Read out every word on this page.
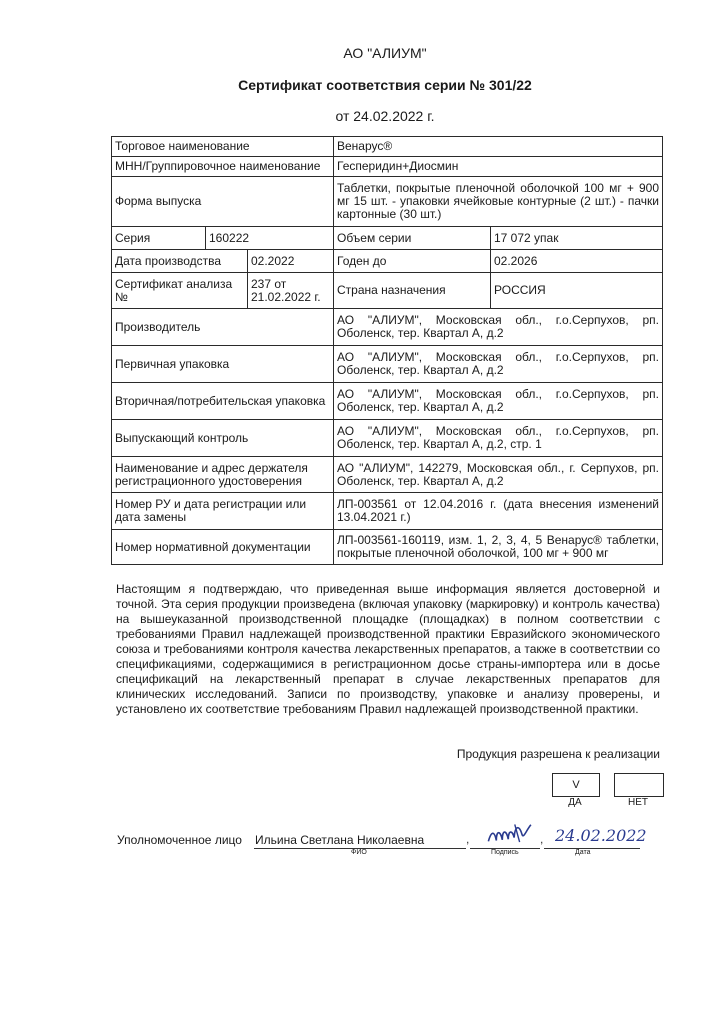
АО "АЛИУМ"
Сертификат соответствия серии № 301/22
от 24.02.2022 г.
Торговое наименование			Венарус®	
МНН/Группировочное наименование			Гесперидин+Диосмин	
Форма выпуска			Таблетки, покрытые пленочной оболочкой 100 мг + 900 мг 15 шт. - упаковки ячейковые контурные (2 шт.) - пачки картонные (30 шт.)	
Серия	160222		Объем серии	17 072 упак
Дата производства		02.2022	Годен до	02.2026
Сертификат анализа №		237 от 21.02.2022 г.	Страна назначения	РОССИЯ
Производитель			АО "АЛИУМ", Московская обл., г.о.Серпухов, рп. Оболенск, тер. Квартал А, д.2	
Первичная упаковка			АО "АЛИУМ", Московская обл., г.о.Серпухов, рп. Оболенск, тер. Квартал А, д.2	
Вторичная/потребительская упаковка			АО "АЛИУМ", Московская обл., г.о.Серпухов, рп. Оболенск, тер. Квартал А, д.2	
Выпускающий контроль			АО "АЛИУМ", Московская обл., г.о.Серпухов, рп. Оболенск, тер. Квартал А, д.2, стр. 1	
Наименование и адрес держателя регистрационного удостоверения			АО "АЛИУМ", 142279, Московская обл., г. Серпухов, рп. Оболенск, тер. Квартал А, д.2	
Номер РУ и дата регистрации или дата замены			ЛП-003561 от 12.04.2016 г. (дата внесения изменений 13.04.2021 г.)	
Номер нормативной документации			ЛП-003561-160119, изм. 1, 2, 3, 4, 5 Венарус® таблетки, покрытые пленочной оболочкой, 100 мг + 900 мг	
Настоящим я подтверждаю, что приведенная выше информация является достоверной и точной. Эта серия продукции произведена (включая упаковку (маркировку) и контроль качества) на вышеуказанной производственной площадке (площадках) в полном соответствии с требованиями Правил надлежащей производственной практики Евразийского экономического союза и требованиями контроля качества лекарственных препаратов, а также в соответствии со спецификациями, содержащимися в регистрационном досье страны-импортера или в досье спецификаций на лекарственный препарат в случае лекарственных препаратов для клинических исследований. Записи по производству, упаковке и анализу проверены, и установлено их соответствие требованиям Правил надлежащей производственной практики.
Продукция разрешена к реализации
V
ДА	НЕТ
Уполномоченное лицо Ильина Светлана Николаевна	,	,
ФИО	Подпись	Дата
24.02.2022
